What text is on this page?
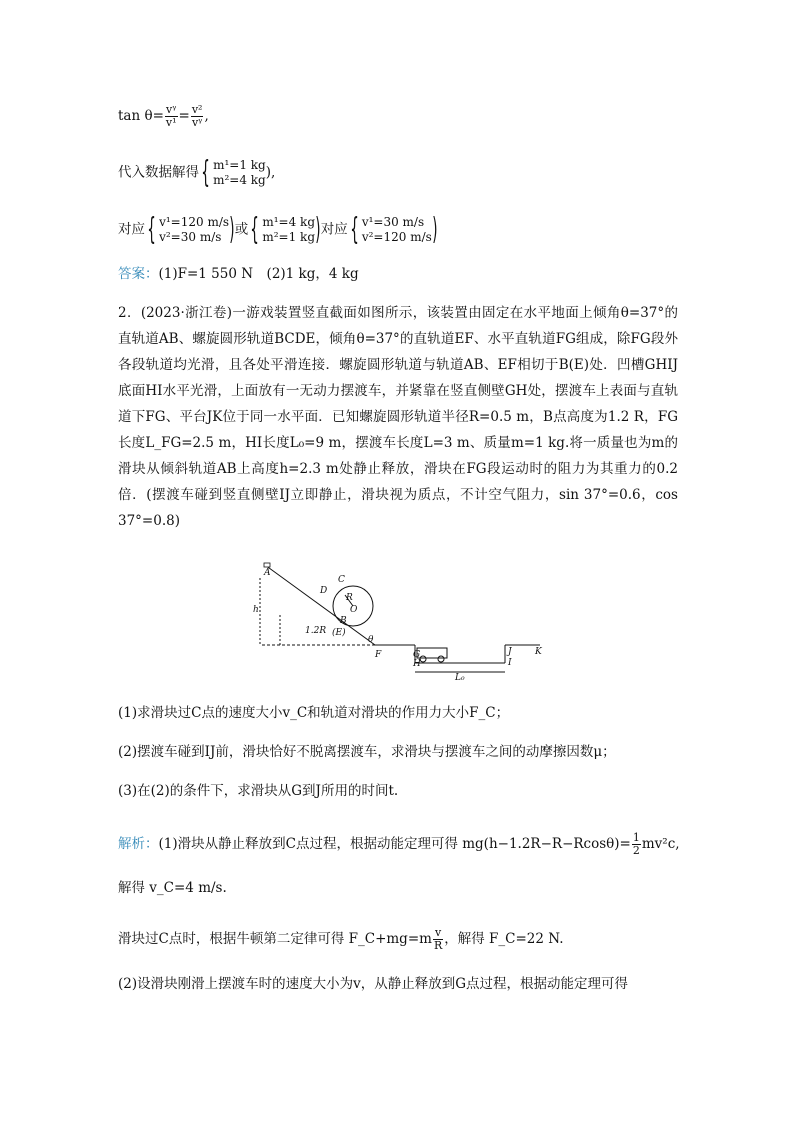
$\tan \theta= \frac{\text{vᵞ}}{\text{v¹}} = \frac{\text{v²}}{\text{vᵞ}}$ ,
代入数据解得{ m¹=1 kg
m²=4 kg ),
对应{ v¹=120 m/s
v²=30 m/s )或{ m¹=4 kg
m²=1 kg )对应{ v¹=30 m/s
v²=120 m/s )
答案：(1)F=1 550 N　(2)1 kg，4 kg
2．(2023·浙江卷)一游戏装置竖直截面如图所示，该装置由固定在水平地面上倾角θ=37°的直轨道AB、螺旋圆形轨道BCDE，倾角θ=37°的直轨道EF、水平直轨道FG组成，除FG段外各段轨道均光滑，且各处平滑连接．螺旋圆形轨道与轨道AB、EF相切于B(E)处．凹槽GHIJ底面HI水平光滑，上面放有一无动力摆渡车，并紧靠在竖直侧壁GH处，摆渡车上表面与直轨道下FG、平台JK位于同一水平面．已知螺旋圆形轨道半径R=0.5 m，B点高度为1.2 R，FG长度L_FG=2.5 m，HI长度L₀=9 m，摆渡车长度L=3 m、质量m=1 kg.将一质量也为m的滑块从倾斜轨道AB上高度h=2.3 m处静止释放，滑块在FG段运动时的阻力为其重力的0.2倍．(摆渡车碰到竖直侧壁IJ立即静止，滑块视为质点，不计空气阻力，sin 37°=0.6，cos 37°=0.8)
A
C
D
R
O
h
B
1.2R (E)
θ
F	G
H
L₀
J
I
K
(1)求滑块过C点的速度大小v_C和轨道对滑块的作用力大小F_C；
(2)摆渡车碰到IJ前，滑块恰好不脱离摆渡车，求滑块与摆渡车之间的动摩擦因数μ；
(3)在(2)的条件下，求滑块从G到J所用的时间t.
解析：(1)滑块从静止释放到C点过程，根据动能定理可得 $mg(h-1.2R-R-Rcos\theta)= \frac{1}{2} mv^2c$,
解得 v_C=4 m/s.
滑块过C点时，根据牛顿第二定律可得 F_C+mg=m $\frac{v}{R}$ ，解得 F_C=22 N.
(2)设滑块刚滑上摆渡车时的速度大小为v，从静止释放到G点过程，根据动能定理可得
